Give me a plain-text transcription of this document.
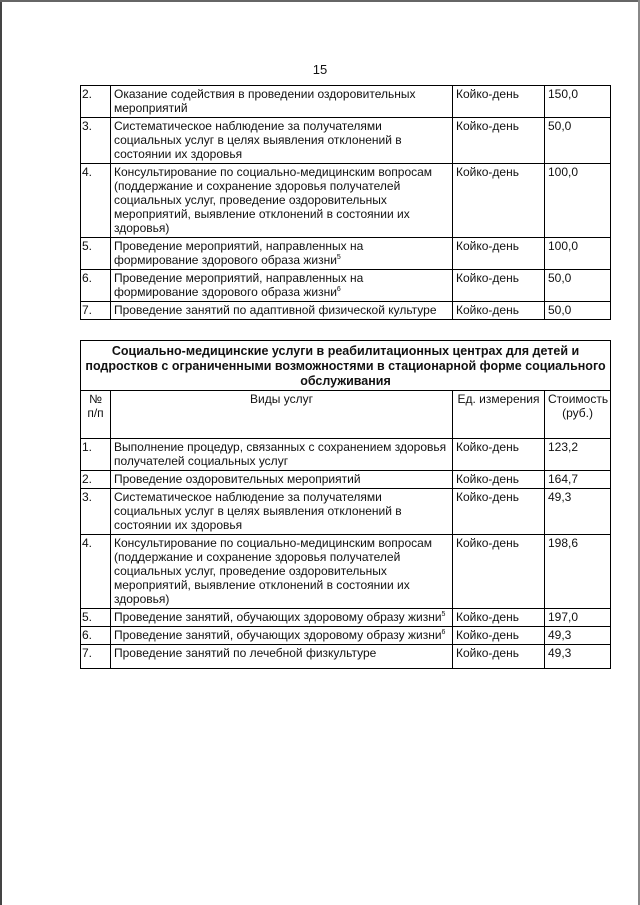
15
2.	Оказание содействия в проведении оздоровительных мероприятий	Койко-день	150,0
3.	Систематическое наблюдение за получателями социальных услуг в целях выявления отклонений в состоянии их здоровья	Койко-день	50,0
4.	Консультирование по социально-медицинским вопросам (поддержание и сохранение здоровья получателей социальных услуг, проведение оздоровительных мероприятий, выявление отклонений в состоянии их здоровья)	Койко-день	100,0
5.	Проведение мероприятий, направленных на формирование здорового образа жизни$^5$	Койко-день	100,0
6.	Проведение мероприятий, направленных на формирование здорового образа жизни$^6$	Койко-день	50,0
7.	Проведение занятий по адаптивной физической культуре	Койко-день	50,0
Социально-медицинские услуги в реабилитационных центрах для детей и подростков с ограниченными возможностями в стационарной форме социального обслуживания			
№ п/п	Виды услуг	Ед. измерения	Стоимость (руб.)
1.	Выполнение процедур, связанных с сохранением здоровья получателей социальных услуг	Койко-день	123,2
2.	Проведение оздоровительных мероприятий	Койко-день	164,7
3.	Систематическое наблюдение за получателями социальных услуг в целях выявления отклонений в состоянии их здоровья	Койко-день	49,3
4.	Консультирование по социально-медицинским вопросам (поддержание и сохранение здоровья получателей социальных услуг, проведение оздоровительных мероприятий, выявление отклонений в состоянии их здоровья)	Койко-день	198,6
5.	Проведение занятий, обучающих здоровому образу жизни$^5$	Койко-день	197,0
6.	Проведение занятий, обучающих здоровому образу жизни$^6$	Койко-день	49,3
7.	Проведение занятий по лечебной физкультуре	Койко-день	49,3
